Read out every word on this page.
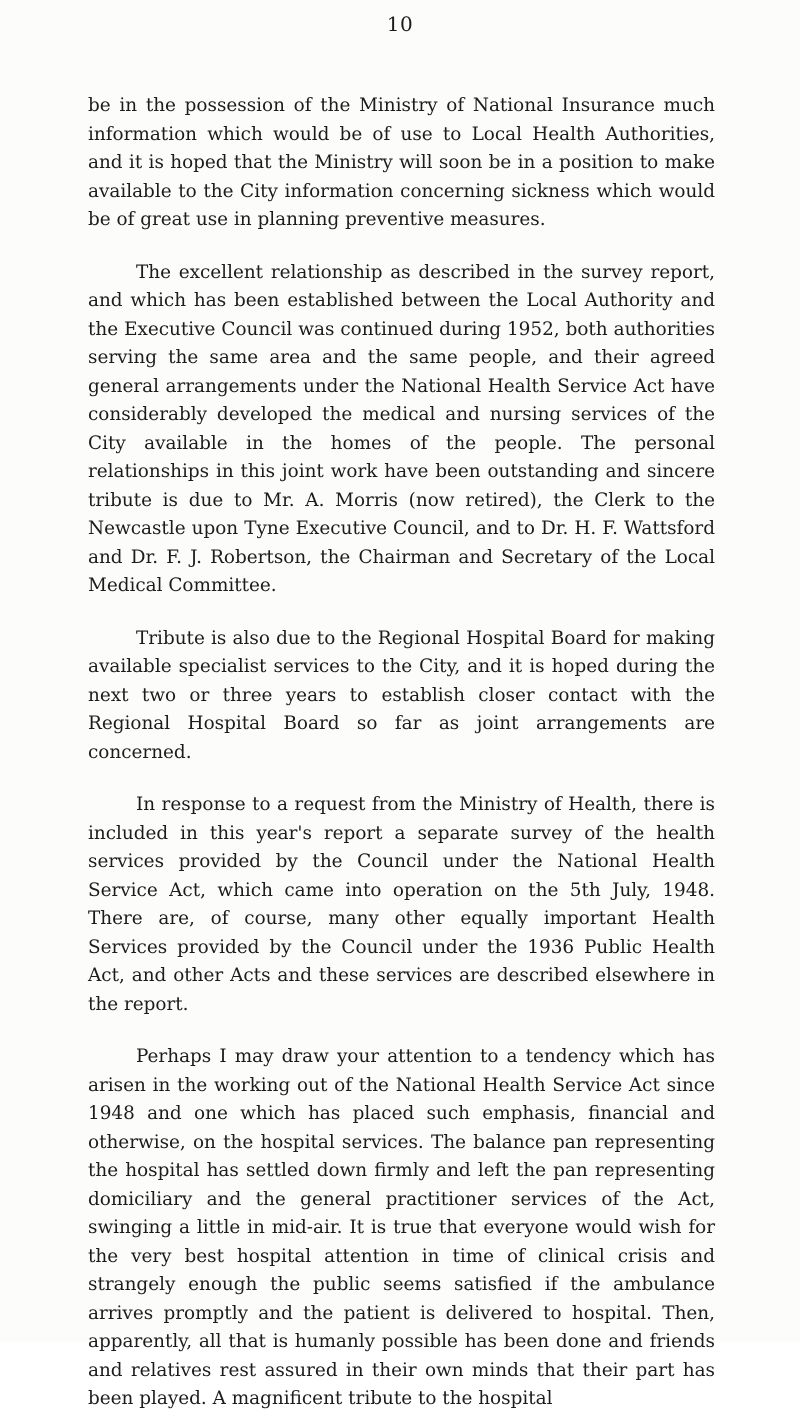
10

be in the possession of the Ministry of National Insurance much information which would be of use to Local Health Authorities, and it is hoped that the Ministry will soon be in a position to make available to the City information concerning sickness which would be of great use in planning preventive measures.

The excellent relationship as described in the survey report, and which has been established between the Local Authority and the Executive Council was continued during 1952, both authorities serving the same area and the same people, and their agreed general arrangements under the National Health Service Act have considerably developed the medical and nursing services of the City available in the homes of the people. The personal relationships in this joint work have been outstanding and sincere tribute is due to Mr. A. Morris (now retired), the Clerk to the Newcastle upon Tyne Executive Council, and to Dr. H. F. Wattsford and Dr. F. J. Robertson, the Chairman and Secretary of the Local Medical Committee.

Tribute is also due to the Regional Hospital Board for making available specialist services to the City, and it is hoped during the next two or three years to establish closer contact with the Regional Hospital Board so far as joint arrangements are concerned.

In response to a request from the Ministry of Health, there is included in this year's report a separate survey of the health services provided by the Council under the National Health Service Act, which came into operation on the 5th July, 1948. There are, of course, many other equally important Health Services provided by the Council under the 1936 Public Health Act, and other Acts and these services are described elsewhere in the report.

Perhaps I may draw your attention to a tendency which has arisen in the working out of the National Health Service Act since 1948 and one which has placed such emphasis, financial and otherwise, on the hospital services. The balance pan representing the hospital has settled down firmly and left the pan representing domiciliary and the general practitioner services of the Act, swinging a little in mid-air. It is true that everyone would wish for the very best hospital attention in time of clinical crisis and strangely enough the public seems satisfied if the ambulance arrives promptly and the patient is delivered to hospital. Then, apparently, all that is humanly possible has been done and friends and relatives rest assured in their own minds that their part has been played. A magnificent tribute to the hospital
